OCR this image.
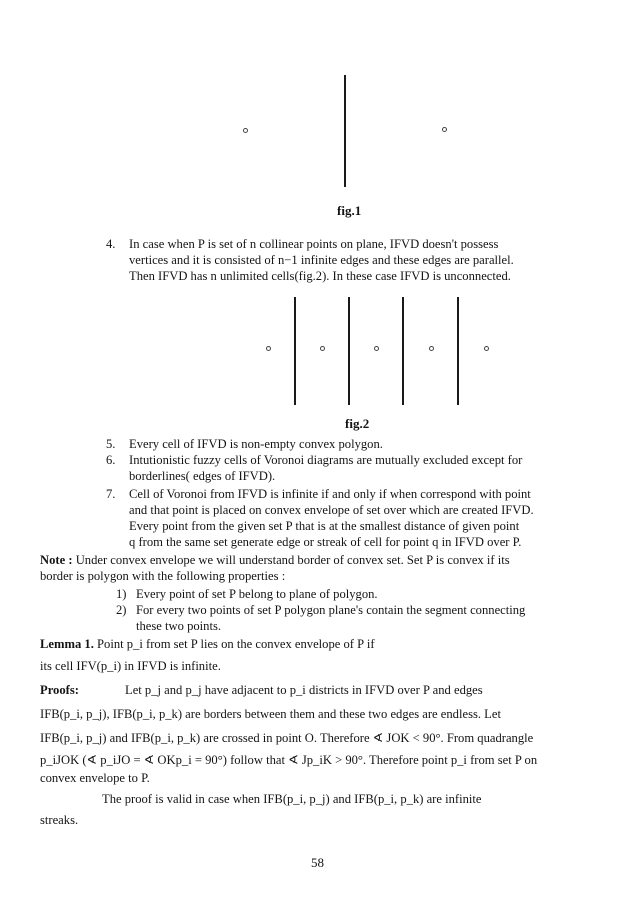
fig.1
4. In case when P is set of n collinear points on plane, IFVD doesn't possess
vertices and it is consisted of n−1 infinite edges and these edges are parallel.
Then IFVD has n unlimited cells(fig.2). In these case IFVD is unconnected.
fig.2
5. Every cell of IFVD is non-empty convex polygon.
6. Intutionistic fuzzy cells of Voronoi diagrams are mutually excluded except for
borderlines( edges of IFVD).
7. Cell of Voronoi from IFVD is infinite if and only if when correspond with point
and that point is placed on convex envelope of set over which are created IFVD.
Every point from the given set P that is at the smallest distance of given point
q from the same set generate edge or streak of cell for point q in IFVD over P.
Note : Under convex envelope we will understand border of convex set. Set P is convex if its
border is polygon with the following properties :
1) Every point of set P belong to plane of polygon.
2) For every two points of set P polygon plane's contain the segment connecting
these two points.
Lemma 1. Point p_i from set P lies on the convex envelope of P if
its cell IFV(p_i) in IFVD is infinite.
Proofs:	Let p_j and p_j have adjacent to p_i districts in IFVD over P and edges
IFB(p_i, p_j), IFB(p_i, p_k) are borders between them and these two edges are endless. Let
IFB(p_i, p_j) and IFB(p_i, p_k) are crossed in point O. Therefore ∢ JOK < 90°. From quadrangle
p_iJOK (∢ p_iJO = ∢ OKp_i = 90°) follow that ∢ Jp_iK > 90°. Therefore point p_i from set P on
convex envelope to P.
The proof is valid in case when IFB(p_i, p_j) and IFB(p_i, p_k) are infinite
streaks.
58
